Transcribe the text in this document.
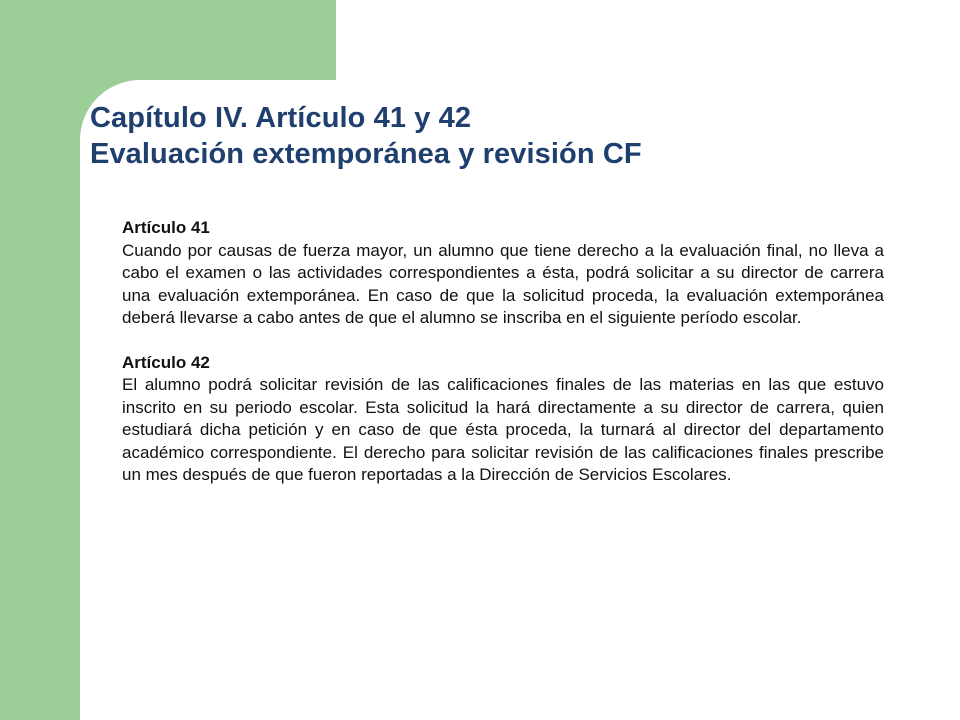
Capítulo IV. Artículo 41 y 42
Evaluación extemporánea y revisión CF

Artículo 41

Cuando por causas de fuerza mayor, un alumno que tiene derecho a la evaluación final, no lleva a cabo el examen o las actividades correspondientes a ésta, podrá solicitar a su director de carrera una evaluación extemporánea. En caso de que la solicitud proceda, la evaluación extemporánea deberá llevarse a cabo antes de que el alumno se inscriba en el siguiente período escolar.

Artículo 42

El alumno podrá solicitar revisión de las calificaciones finales de las materias en las que estuvo inscrito en su periodo escolar. Esta solicitud la hará directamente a su director de carrera, quien estudiará dicha petición y en caso de que ésta proceda, la turnará al director del departamento académico correspondiente. El derecho para solicitar revisión de las calificaciones finales prescribe un mes después de que fueron reportadas a la Dirección de Servicios Escolares.
